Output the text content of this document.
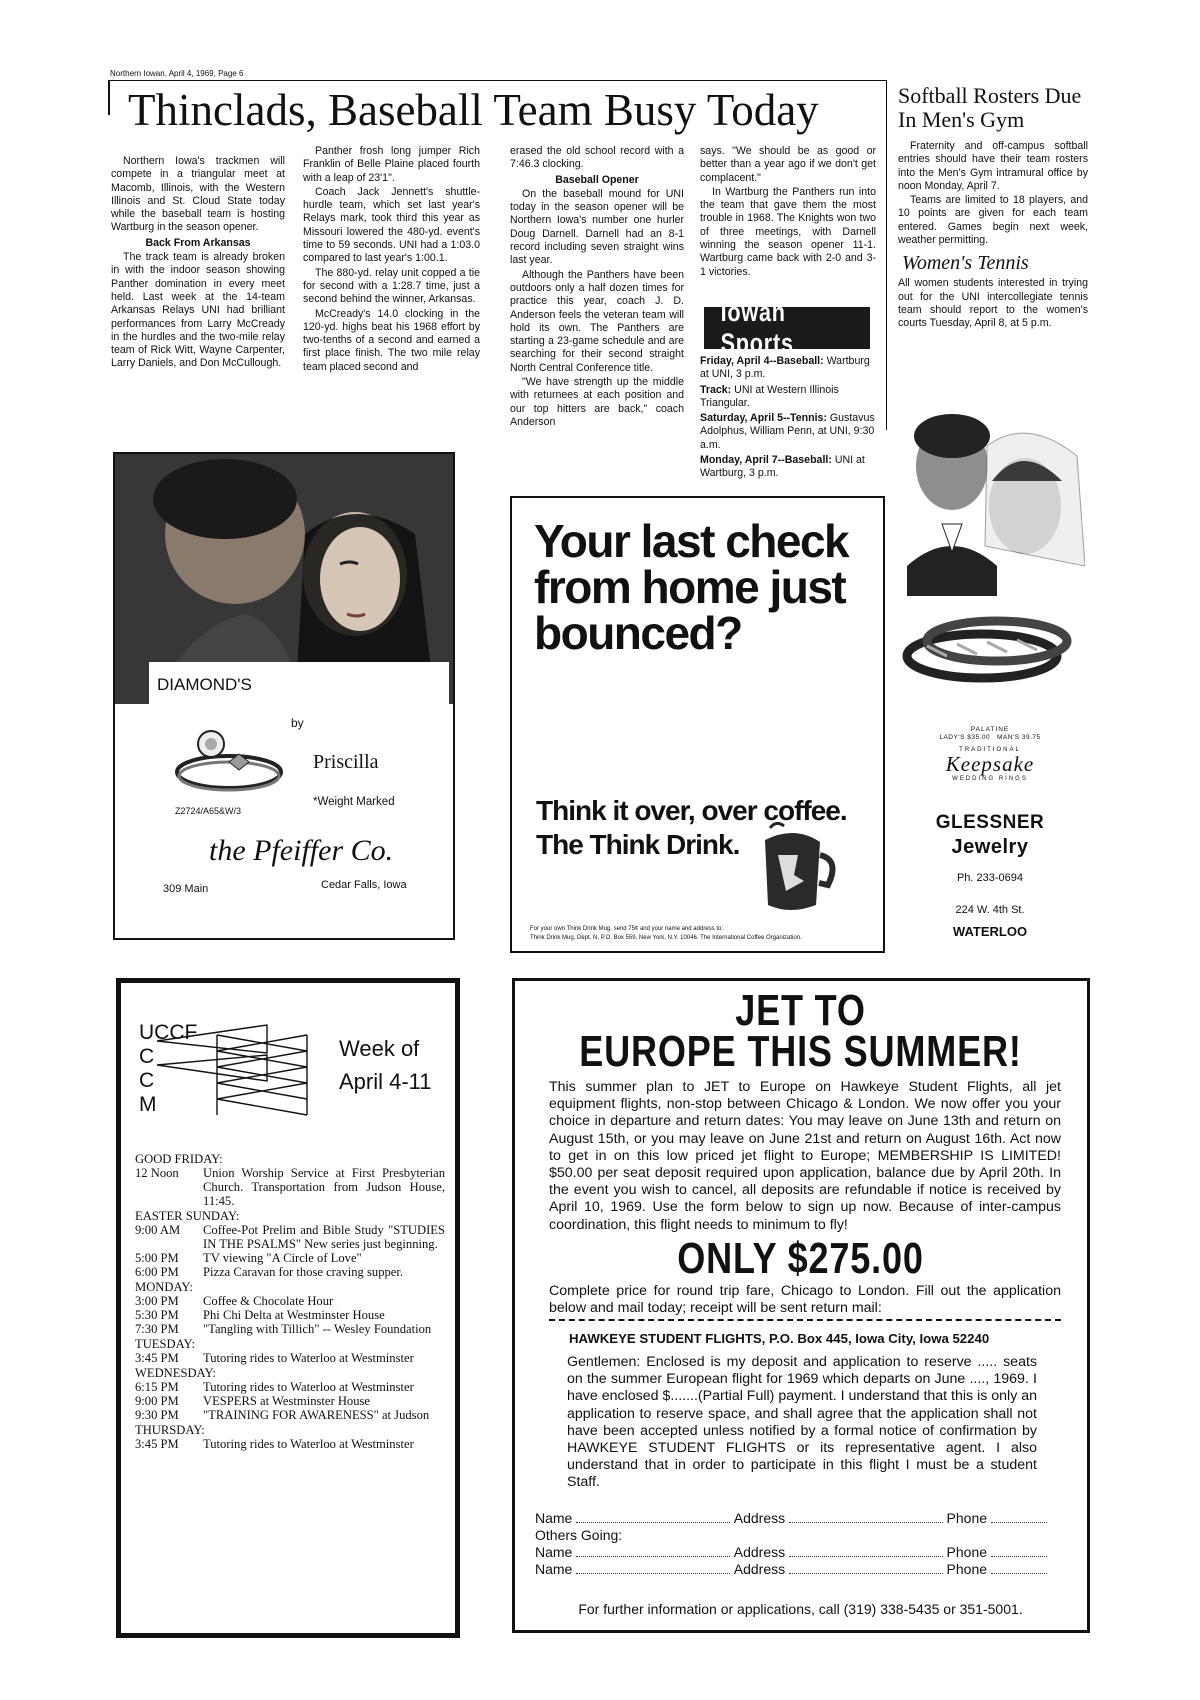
Northern Iowan, April 4, 1969, Page 6
Thinclads, Baseball Team Busy Today

Northern Iowa's trackmen will compete in a triangular meet at Macomb, Illinois, with the Western Illinois and St. Cloud State today while the baseball team is hosting Wartburg in the season opener.

Back From Arkansas

The track team is already broken in with the indoor season showing Panther domination in every meet held. Last week at the 14-team Arkansas Relays UNI had brilliant performances from Larry McCready in the hurdles and the two-mile relay team of Rick Witt, Wayne Carpenter, Larry Daniels, and Don McCullough.

Panther frosh long jumper Rich Franklin of Belle Plaine placed fourth with a leap of 23'1".

Coach Jack Jennett's shuttle-hurdle team, which set last year's Relays mark, took third this year as Missouri lowered the 480-yd. event's time to 59 seconds. UNI had a 1:03.0 compared to last year's 1:00.1.

The 880-yd. relay unit copped a tie for second with a 1:28.7 time, just a second behind the winner, Arkansas.

McCready's 14.0 clocking in the 120-yd. highs beat his 1968 effort by two-tenths of a second and earned a first place finish. The two mile relay team placed second and

erased the old school record with a 7:46.3 clocking.

Baseball Opener

On the baseball mound for UNI today in the season opener will be Northern Iowa's number one hurler Doug Darnell. Darnell had an 8-1 record including seven straight wins last year.

Although the Panthers have been outdoors only a half dozen times for practice this year, coach J. D. Anderson feels the veteran team will hold its own. The Panthers are starting a 23-game schedule and are searching for their second straight North Central Conference title.

"We have strength up the middle with returnees at each position and our top hitters are back," coach Anderson

says. "We should be as good or better than a year ago if we don't get complacent."

In Wartburg the Panthers run into the team that gave them the most trouble in 1968. The Knights won two of three meetings, with Darnell winning the season opener 11-1. Wartburg came back with 2-0 and 3-1 victories.

Iowan Sports
Friday, April 4--Baseball: Wartburg at UNI, 3 p.m.
Track: UNI at Western Illinois Triangular.
Saturday, April 5--Tennis: Gustavus Adolphus, William Penn, at UNI, 9:30 a.m.
Monday, April 7--Baseball: UNI at Wartburg, 3 p.m.
Softball Rosters Due In Men's Gym

Fraternity and off-campus softball entries should have their team rosters into the Men's Gym intramural office by noon Monday, April 7.

Teams are limited to 18 players, and 10 points are given for each team entered. Games begin next week, weather permitting.

Women's Tennis

All women students interested in trying out for the UNI intercollegiate tennis team should report to the women's courts Tuesday, April 8, at 5 p.m.

DIAMOND'S
by
Priscilla
*Weight Marked
Z2724/A65&W/3
the Pfeiffer Co.
309 Main	Cedar Falls, Iowa
Your last check from home just bounced?
Think it over, over coffee.
The Think Drink.
For your own Think Drink Mug, send 75¢ and your name and address to:
Think Drink Mug, Dept. N, P.O. Box 559, New York, N.Y. 10046. The International Coffee Organization.
PALATINE
LADY'S $35.00   MAN'S 39.75
TRADITIONAL
Keepsake
WEDDING RINGS
GLESSNER
Jewelry
Ph. 233-0694
224 W. 4th St.
WATERLOO
UCCF
C
C
M
Week of
April 4-11
GOOD FRIDAY:
12 Noon	Union Worship Service at First Presbyterian Church. Transportation from Judson House, 11:45.
EASTER SUNDAY:
9:00 AM	Coffee-Pot Prelim and Bible Study "STUDIES IN THE PSALMS" New series just beginning.
5:00 PM	TV viewing "A Circle of Love"
6:00 PM	Pizza Caravan for those craving supper.
MONDAY:
3:00 PM	Coffee & Chocolate Hour
5:30 PM	Phi Chi Delta at Westminster House
7:30 PM	"Tangling with Tillich" -- Wesley Foundation
TUESDAY:
3:45 PM	Tutoring rides to Waterloo at Westminster
WEDNESDAY:
6:15 PM	Tutoring rides to Waterloo at Westminster
9:00 PM	VESPERS at Westminster House
9:30 PM	"TRAINING FOR AWARENESS" at Judson
THURSDAY:
3:45 PM	Tutoring rides to Waterloo at Westminster
JET TO
EUROPE THIS SUMMER!
This summer plan to JET to Europe on Hawkeye Student Flights, all jet equipment flights, non-stop between Chicago & London. We now offer you your choice in departure and return dates: You may leave on June 13th and return on August 15th, or you may leave on June 21st and return on August 16th. Act now to get in on this low priced jet flight to Europe; MEMBERSHIP IS LIMITED! $50.00 per seat deposit required upon application, balance due by April 20th. In the event you wish to cancel, all deposits are refundable if notice is received by April 10, 1969. Use the form below to sign up now. Because of inter-campus coordination, this flight needs to minimum to fly!
ONLY $275.00
Complete price for round trip fare, Chicago to London. Fill out the application below and mail today; receipt will be sent return mail:
HAWKEYE STUDENT FLIGHTS, P.O. Box 445, Iowa City, Iowa 52240
Gentlemen: Enclosed is my deposit and application to reserve ..... seats on the summer European flight for 1969 which departs on June ...., 1969. I have enclosed $.......(Partial Full) payment. I understand that this is only an application to reserve space, and shall agree that the application shall not have been accepted unless notified by a formal notice of confirmation by HAWKEYE STUDENT FLIGHTS or its representative agent. I also understand that in order to participate in this flight I must be a student Staff.
Name	Address	Phone
Others Going:
Name	Address	Phone
Name	Address	Phone
For further information or applications, call (319) 338-5435 or 351-5001.
